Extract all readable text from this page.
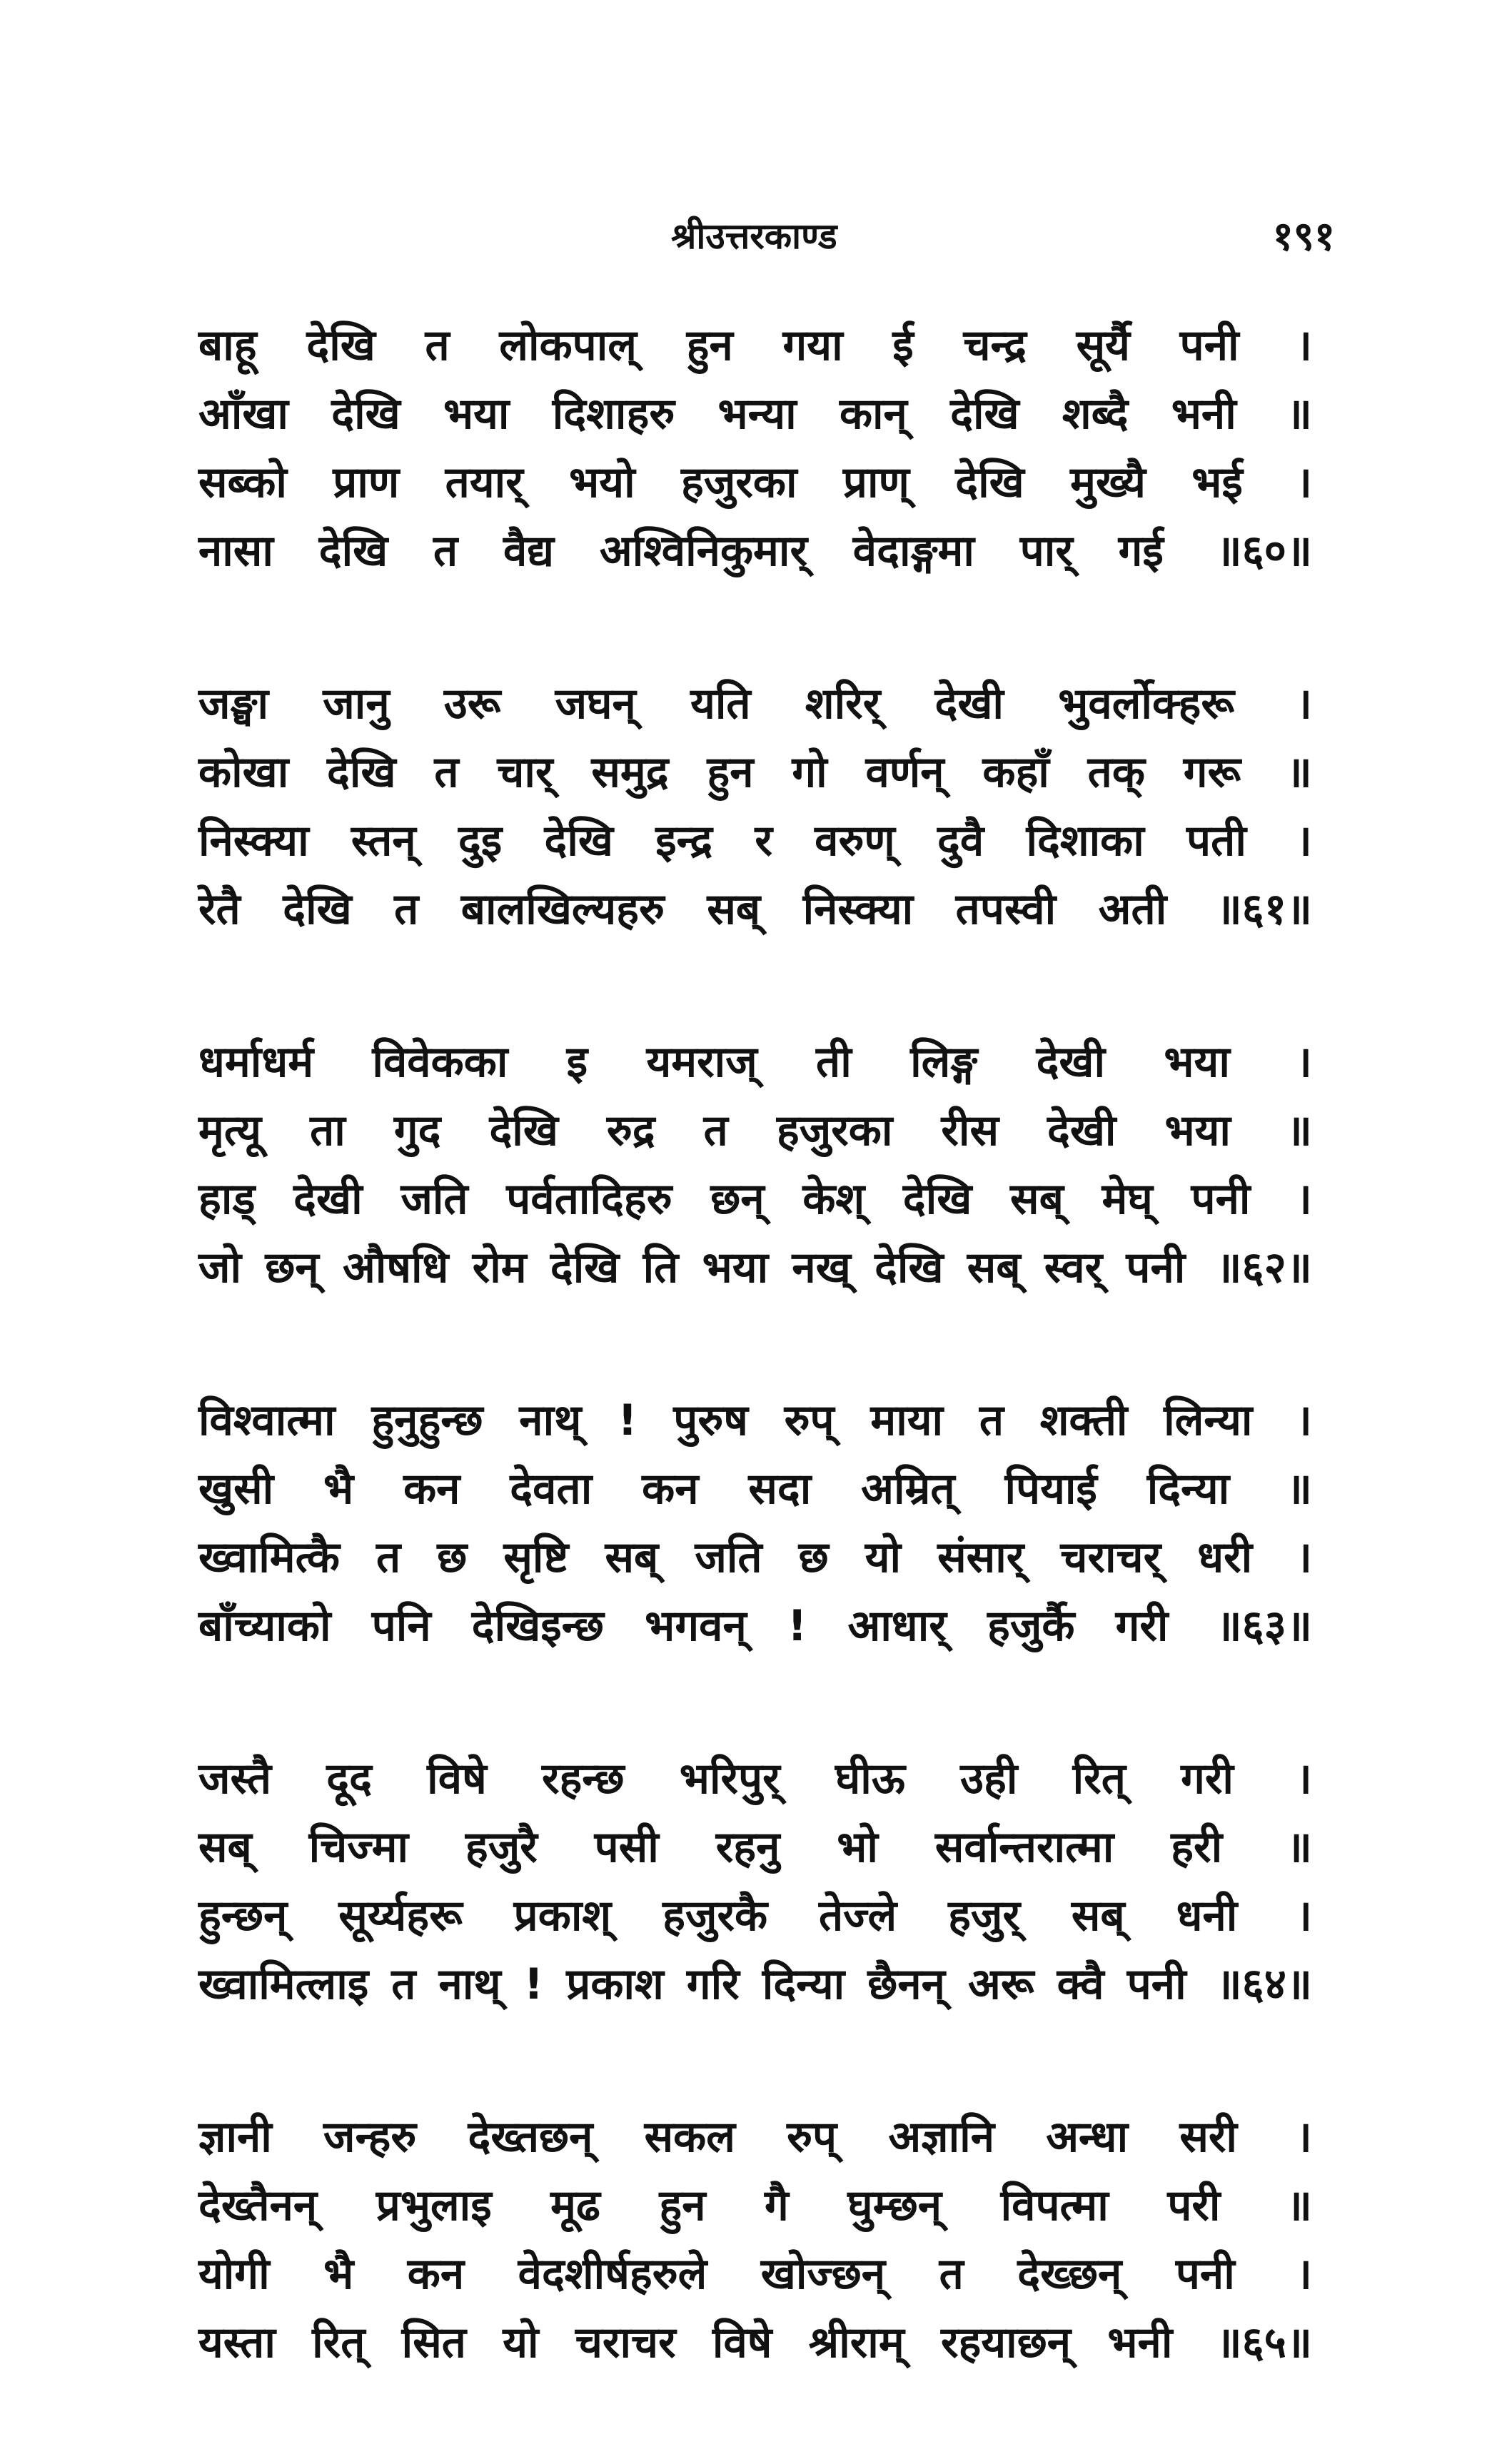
श्रीउत्तरकाण्ड	१९१
बाहू देखि त लोकपाल् हुन गया ई चन्द्र सूर्यै पनी ।
आँखा देखि भया दिशाहरु भन्या कान् देखि शब्दै भनी ॥
सब्को प्राण तयार् भयो हजुरका प्राण् देखि मुख्यै भई ।
नासा देखि त वैद्य अश्विनिकुमार् वेदाङ्गमा पार् गई ॥६०॥
जङ्घा जानु उरू जघन् यति शरिर् देखी भुवर्लोक्हरू ।
कोखा देखि त चार् समुद्र हुन गो वर्णन् कहाँ तक् गरू ॥
निस्क्या स्तन् दुइ देखि इन्द्र र वरुण् दुवै दिशाका पती ।
रेतै देखि त बालखिल्यहरु सब् निस्क्या तपस्वी अती ॥६१॥
धर्माधर्म विवेकका इ यमराज् ती लिङ्ग देखी भया ।
मृत्यू ता गुद देखि रुद्र त हजुरका रीस देखी भया ॥
हाड् देखी जति पर्वतादिहरु छन् केश् देखि सब् मेघ् पनी ।
जो छन् औषधि रोम देखि ति भया नख् देखि सब् स्वर् पनी ॥६२॥
विश्वात्मा हुनुहुन्छ नाथ् ! पुरुष रुप् माया त शक्ती लिन्या ।
खुसी भै कन देवता कन सदा अम्रित् पियाई दिन्या ॥
ख्वामित्कै त छ सृष्टि सब् जति छ यो संसार् चराचर् धरी ।
बाँच्याको पनि देखिइन्छ भगवन् ! आधार् हजुर्कै गरी ॥६३॥
जस्तै दूद विषे रहन्छ भरिपुर् घीऊ उही रित् गरी ।
सब् चिज्मा हजुरै पसी रहनु भो सर्वान्तरात्मा हरी ॥
हुन्छन् सूर्य्यहरू प्रकाश् हजुरकै तेज्ले हजुर् सब् धनी ।
ख्वामित्लाइ त नाथ् ! प्रकाश गरि दिन्या छैनन् अरू क्वै पनी ॥६४॥
ज्ञानी जन्हरु देख्तछन् सकल रुप् अज्ञानि अन्धा सरी ।
देख्तैनन् प्रभुलाइ मूढ हुन गै घुम्छन् विपत्मा परी ॥
योगी भै कन वेदशीर्षहरुले खोज्छन् त देख्छन् पनी ।
यस्ता रित् सित यो चराचर विषे श्रीराम् रहयाछन् भनी ॥६५॥
